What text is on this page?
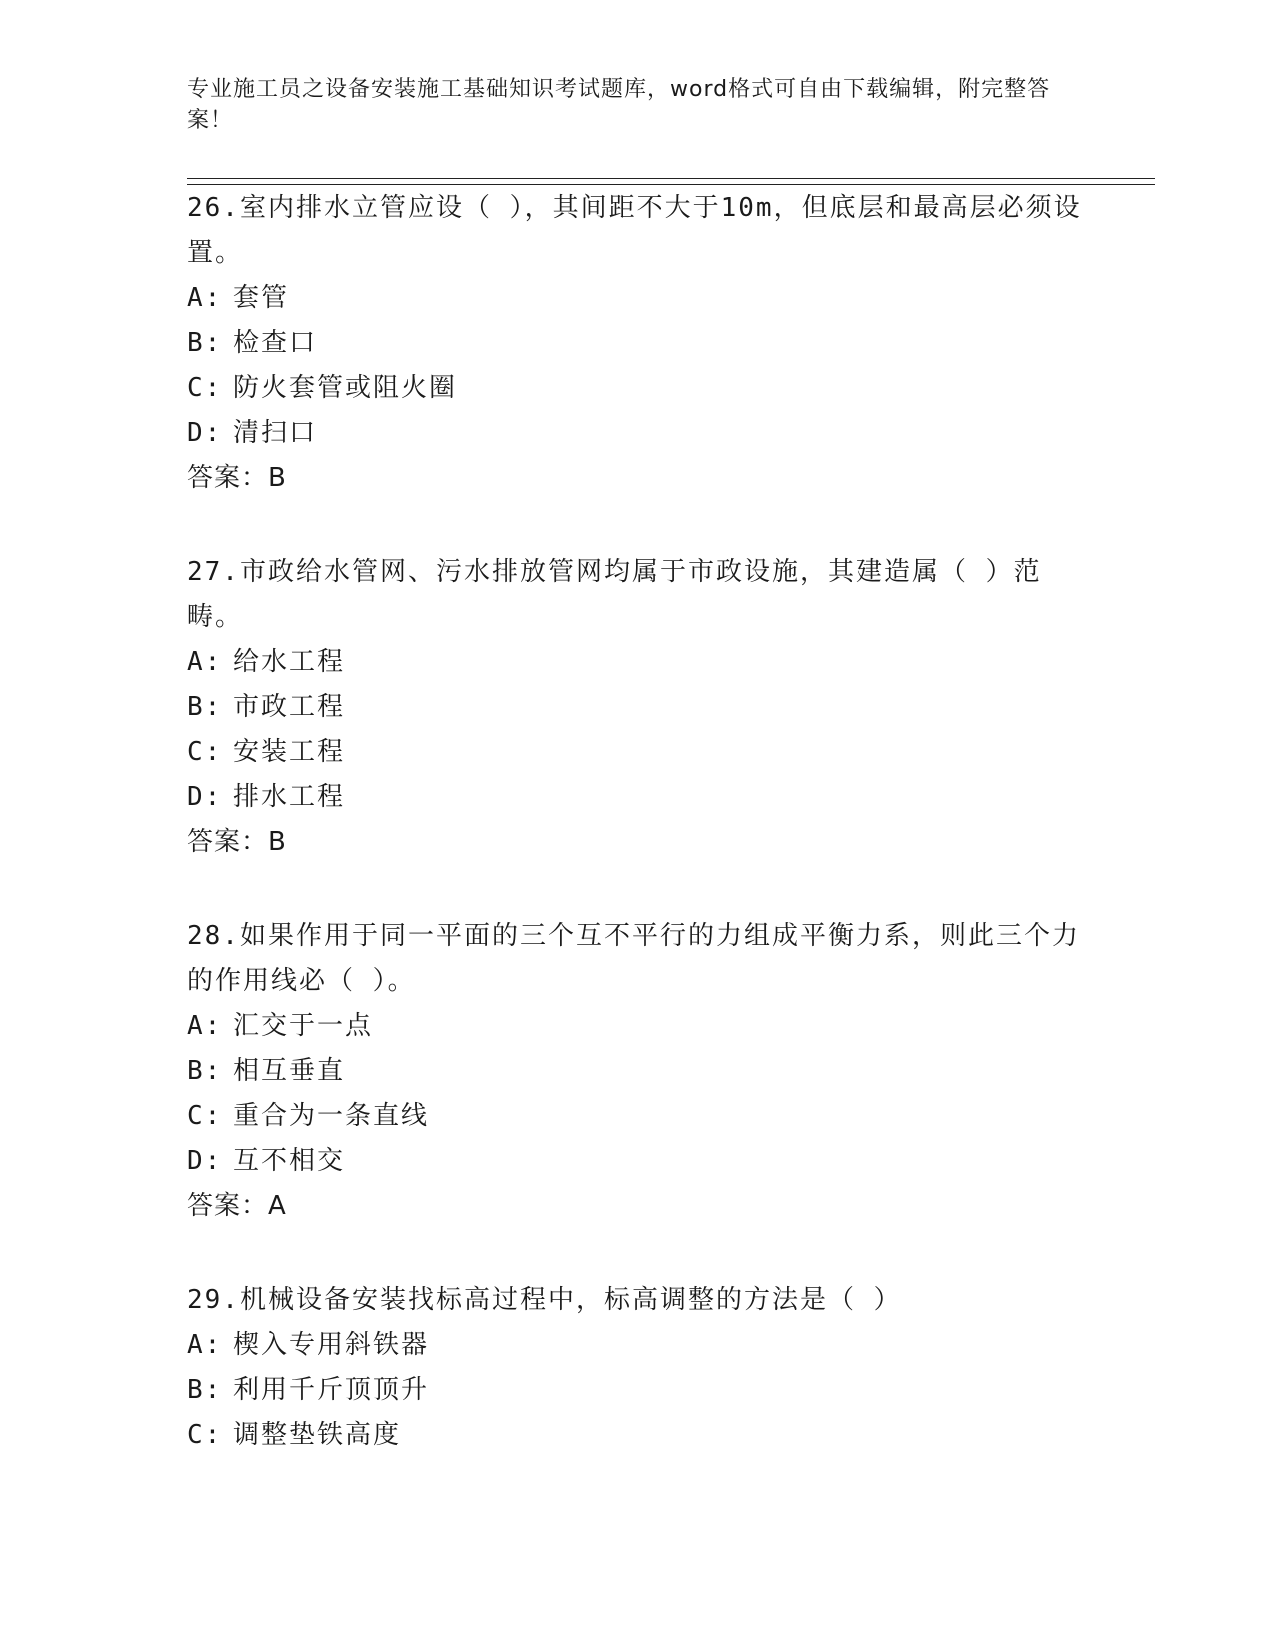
专业施工员之设备安装施工基础知识考试题库，word格式可自由下载编辑，附完整答案！

26.室内排水立管应设（ ），其间距不大于10m，但底层和最高层必须设置。

A: 套管
B: 检查口
C: 防火套管或阻火圈
D: 清扫口
答案：B

27.市政给水管网、污水排放管网均属于市政设施，其建造属（ ）范畴。

A: 给水工程
B: 市政工程
C: 安装工程
D: 排水工程
答案：B

28.如果作用于同一平面的三个互不平行的力组成平衡力系，则此三个力的作用线必（ ）。

A: 汇交于一点
B: 相互垂直
C: 重合为一条直线
D: 互不相交
答案：A

29.机械设备安装找标高过程中，标高调整的方法是（ ）

A: 楔入专用斜铁器
B: 利用千斤顶顶升
C: 调整垫铁高度
